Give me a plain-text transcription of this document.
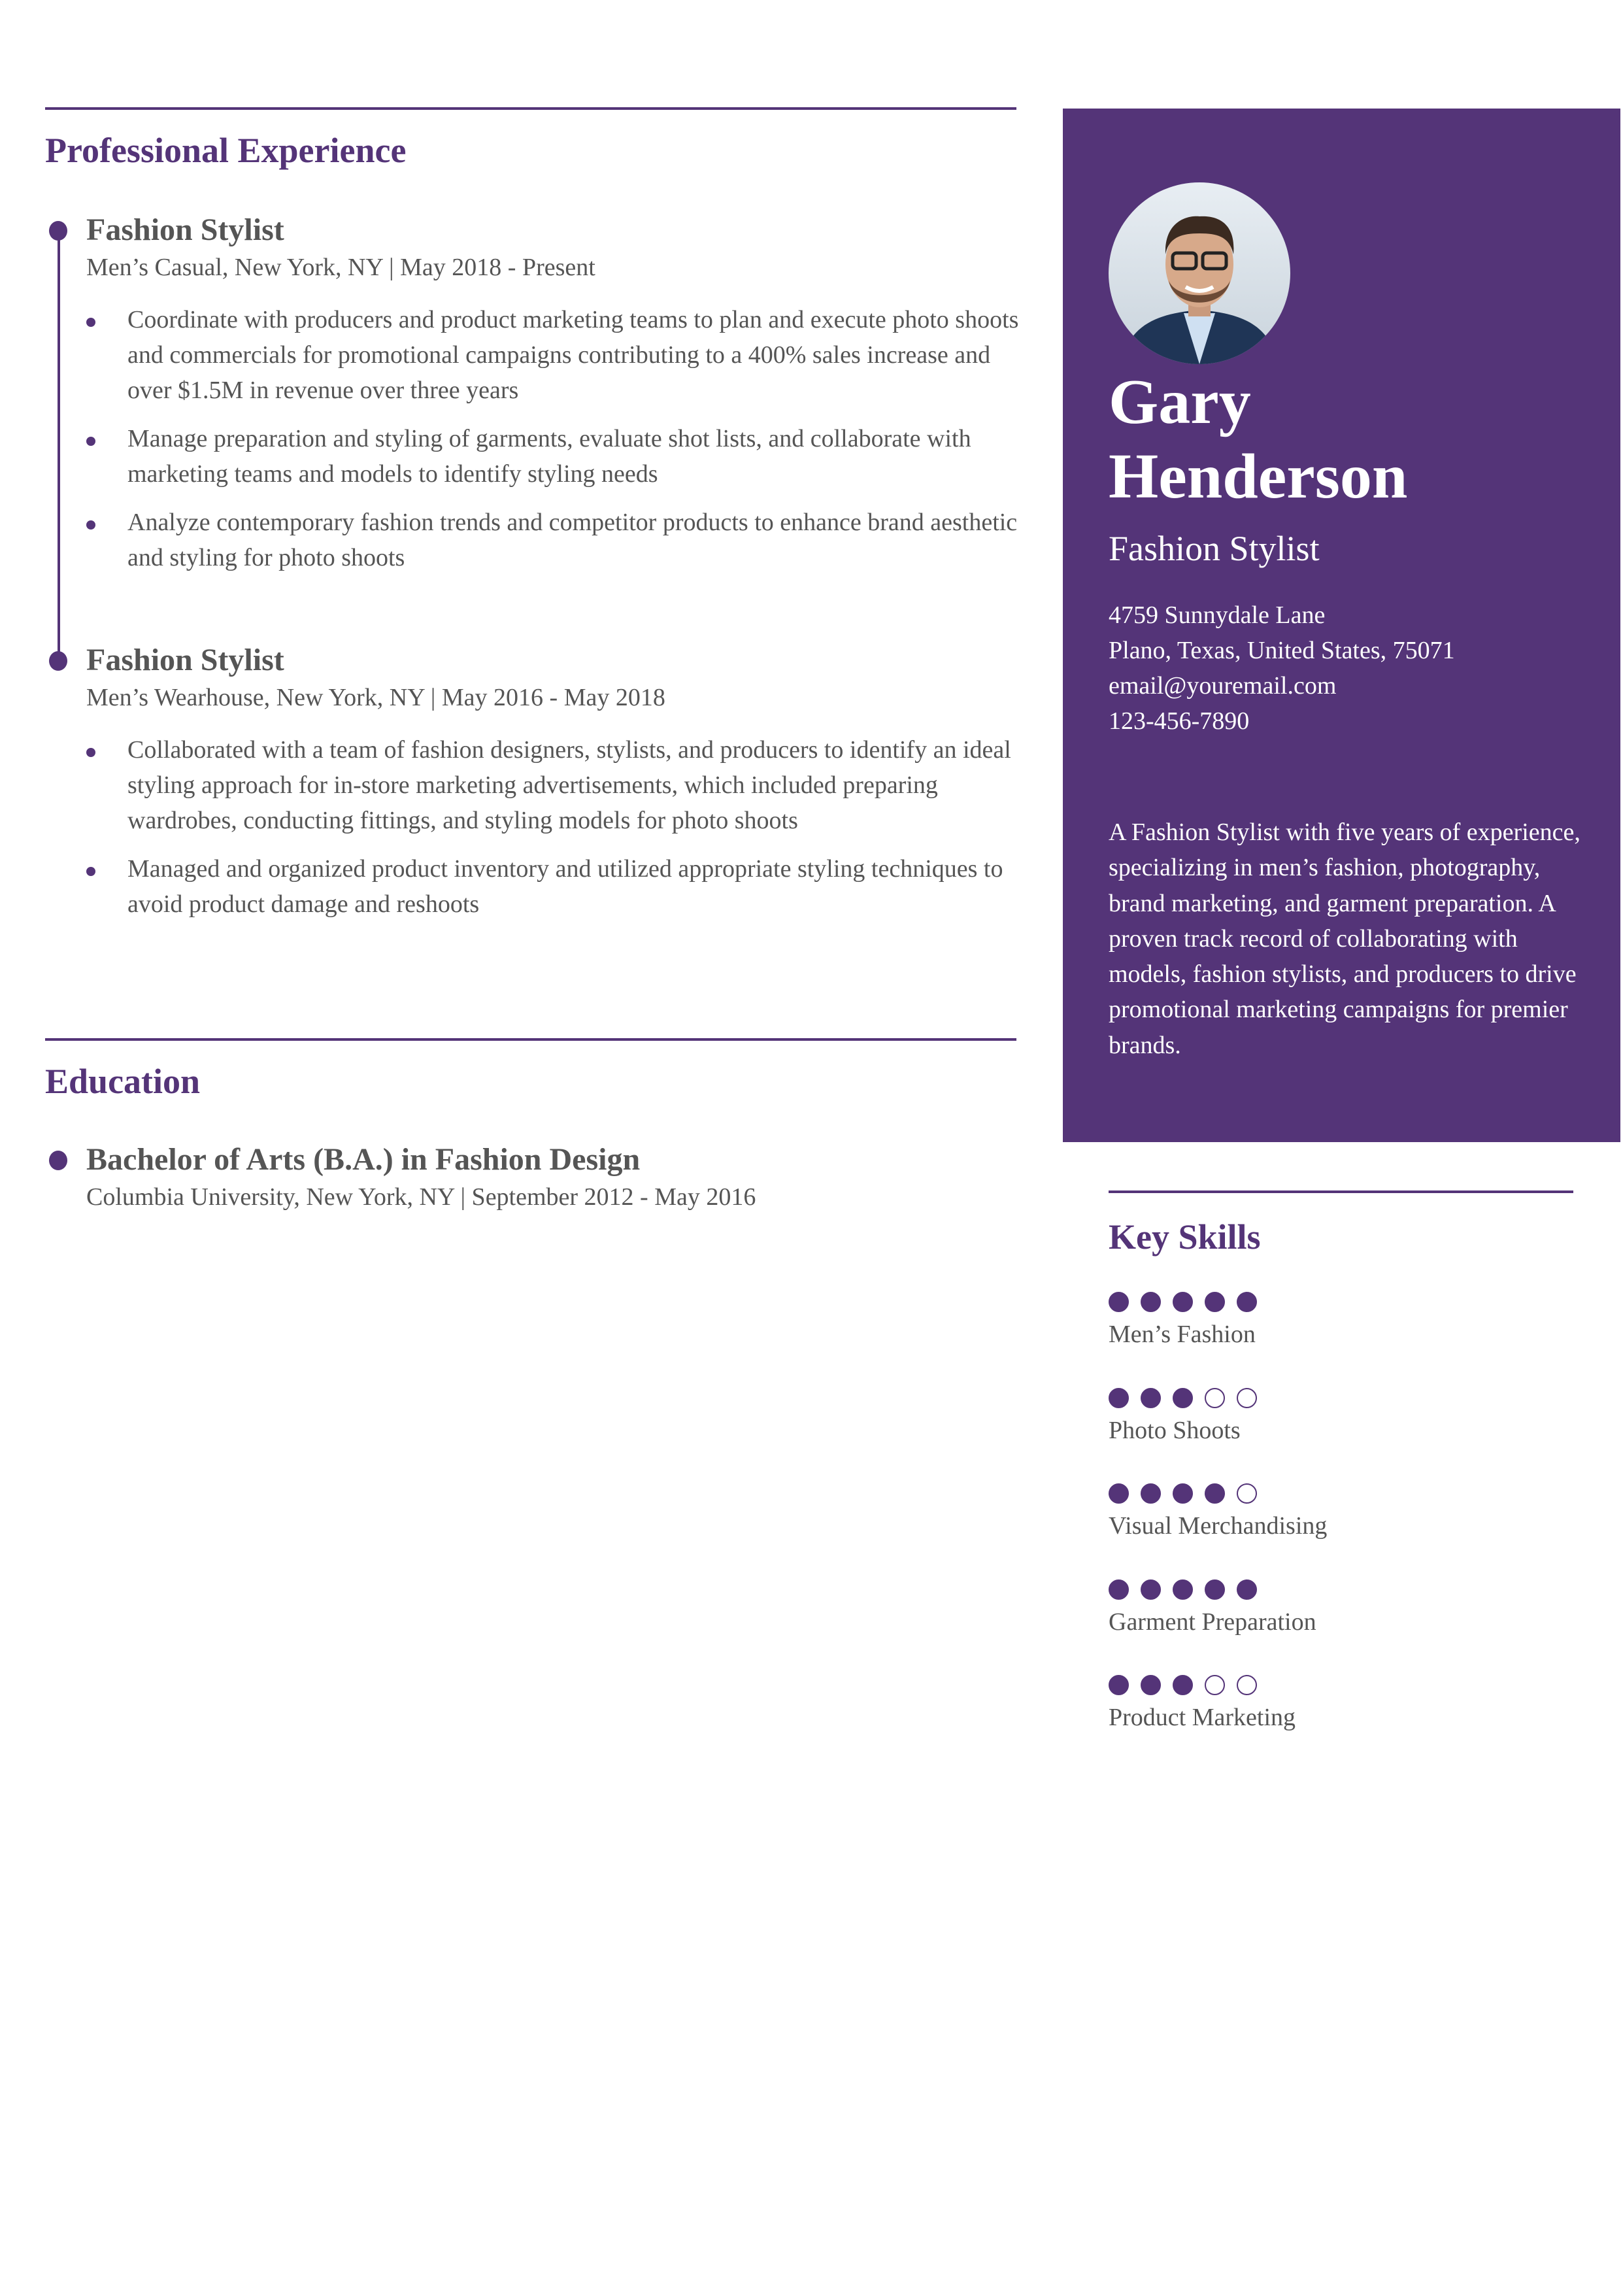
Professional Experience
Fashion Stylist
Men’s Casual, New York, NY | May 2018 - Present
Coordinate with producers and product marketing teams to plan and execute photo shoots and commercials for promotional campaigns contributing to a 400% sales increase and over $1.5M in revenue over three years
Manage preparation and styling of garments, evaluate shot lists, and collaborate with marketing teams and models to identify styling needs
Analyze contemporary fashion trends and competitor products to enhance brand aesthetic and styling for photo shoots
Fashion Stylist
Men’s Wearhouse, New York, NY | May 2016 - May 2018
Collaborated with a team of fashion designers, stylists, and producers to identify an ideal styling approach for in-store marketing advertisements, which included preparing wardrobes, conducting fittings, and styling models for photo shoots
Managed and organized product inventory and utilized appropriate styling techniques to avoid product damage and reshoots
Education
Bachelor of Arts (B.A.) in Fashion Design
Columbia University, New York, NY | September 2012 - May 2016
Gary
Henderson
Fashion Stylist
4759 Sunnydale Lane
Plano, Texas, United States, 75071
email@youremail.com
123-456-7890
A Fashion Stylist with five years of experience, specializing in men’s fashion, photography, brand marketing, and garment preparation. A proven track record of collaborating with models, fashion stylists, and producers to drive promotional marketing campaigns for premier brands.
Key Skills
Men’s Fashion
Photo Shoots
Visual Merchandising
Garment Preparation
Product Marketing
